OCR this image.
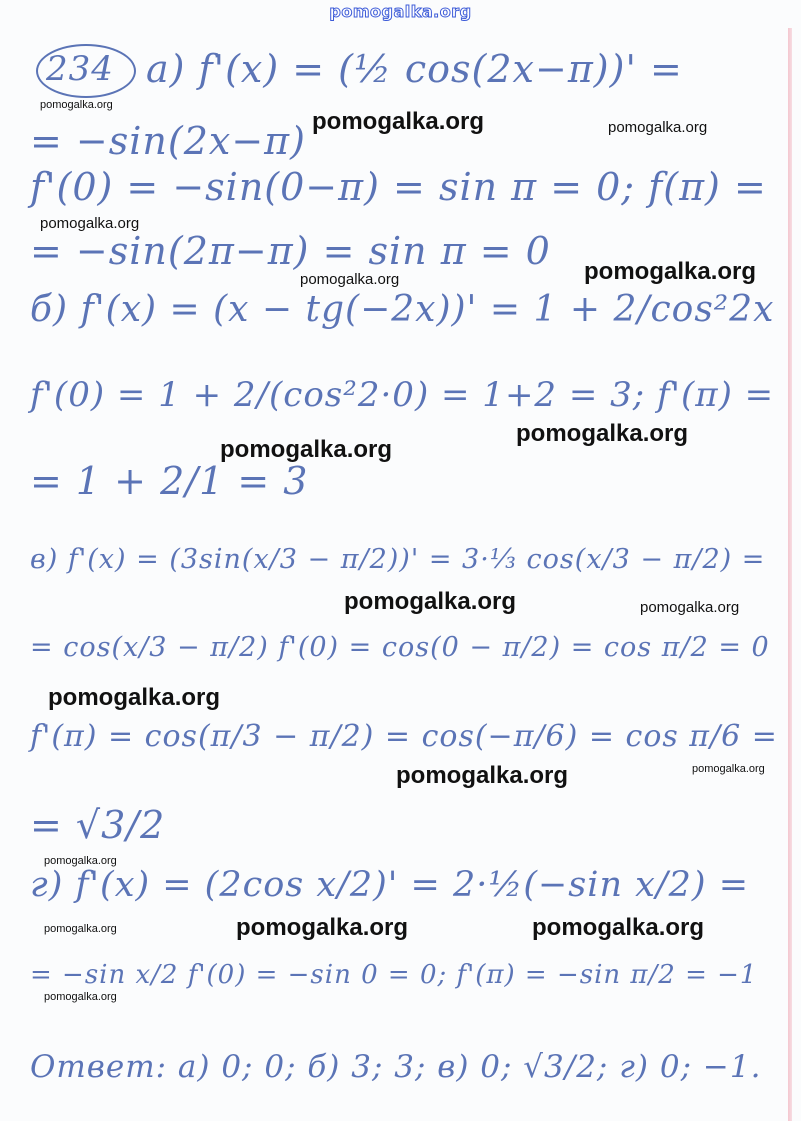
pomogalka.org
234 a) f'(x) = (½ cos(2x−π))' =
= −sin(2x−π)
f'(0) = −sin(0−π) = sin π = 0; f(π) =
= −sin(2π−π) = sin π = 0
б) f'(x) = (x − tg(−2x))' = 1 + 2/cos²2x
f'(0) = 1 + 2/(cos²2·0) = 1+2 = 3; f'(π) =
= 1 + 2/1 = 3
в) f'(x) = (3sin(x/3 − π/2))' = 3·⅓ cos(x/3 − π/2) =
= cos(x/3 − π/2) f'(0) = cos(0 − π/2) = cos π/2 = 0
f'(π) = cos(π/3 − π/2) = cos(−π/6) = cos π/6 =
= √3/2
г) f'(x) = (2cos x/2)' = 2·½(−sin x/2) =
= −sin x/2 f'(0) = −sin 0 = 0; f'(π) = −sin π/2 = −1
Ответ: а) 0; 0; б) 3; 3; в) 0; √3/2; г) 0; −1.
pomogalka.org
pomogalka.org	pomogalka.org
pomogalka.org
pomogalka.org
pomogalka.org
pomogalka.org
pomogalka.org
pomogalka.org	pomogalka.org
pomogalka.org
pomogalka.org	pomogalka.org
pomogalka.org
pomogalka.org	pomogalka.org
pomogalka.org
pomogalka.org
